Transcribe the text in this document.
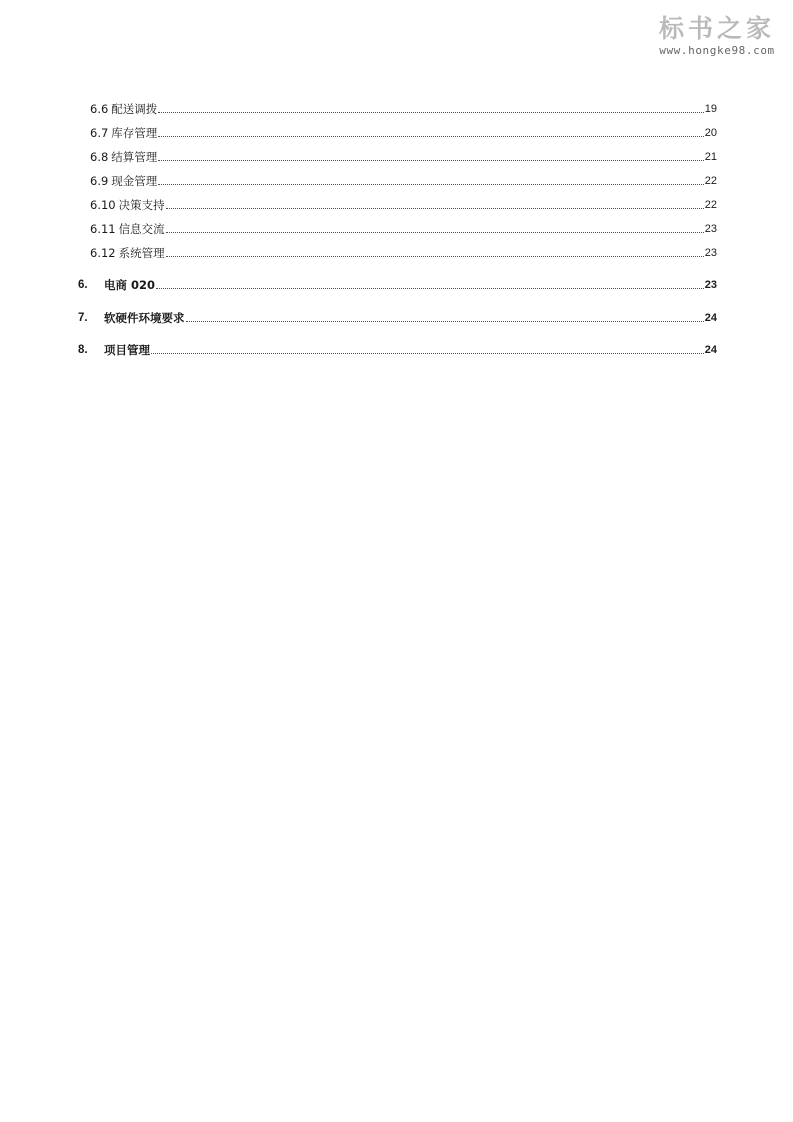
标书之家
www.hongke98.com
6.6 配送调拨	19
6.7 库存管理	20
6.8 结算管理	21
6.9 现金管理	22
6.10 决策支持	22
6.11 信息交流	23
6.12 系统管理	23
6.	电商 020	23
7.	软硬件环境要求	24
8.	项目管理	24
